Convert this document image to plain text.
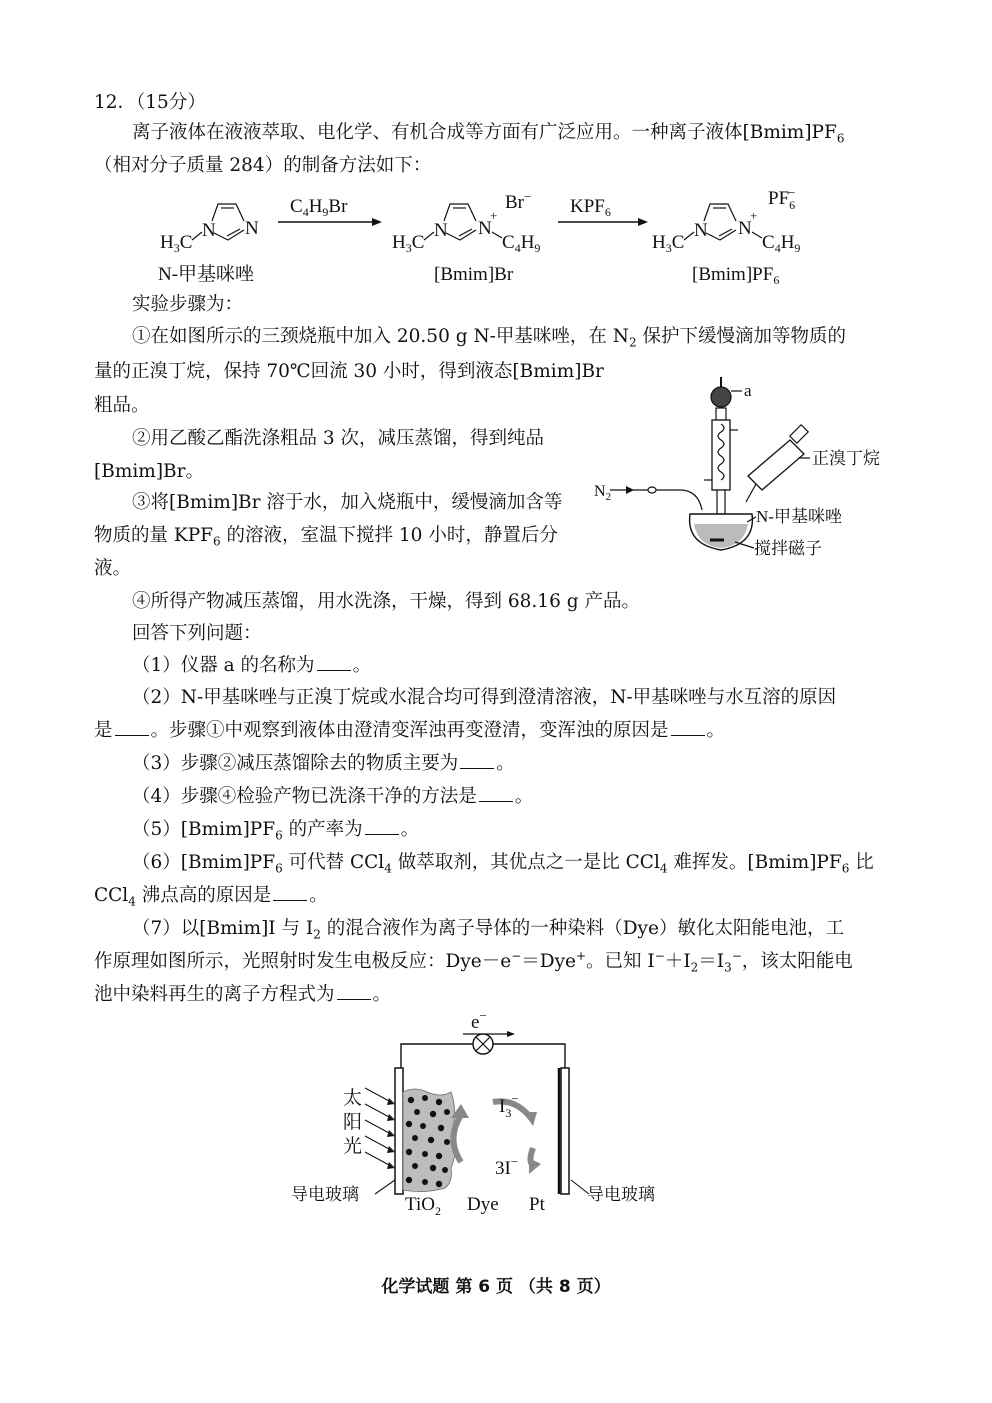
12．（15分）
离子液体在液液萃取、电化学、有机合成等方面有广泛应用。一种离子液体$[Bmim]PF_6$
（相对分子质量 284）的制备方法如下：
$H_3C$
N N
N-甲基咪唑
$C_4H_9Br$
$H_3C$
N N
+
$C_4H_9$
Br−
[Bmim]Br
$KPF_6$
$H_3C$
N N
+
$C_4H_9$
$PF_6-$
$[Bmim]PF_6$
实验步骤为：
①在如图所示的三颈烧瓶中加入 20.50 g N-甲基咪唑，在 $N_2$ 保护下缓慢滴加等物质的
量的正溴丁烷，保持 70℃回流 30 小时，得到液态[Bmim]Br
粗品。
②用乙酸乙酯洗涤粗品 3 次，减压蒸馏，得到纯品
[Bmim]Br。
③将[Bmim]Br 溶于水，加入烧瓶中，缓慢滴加含等
物质的量 $KPF_6$ 的溶液，室温下搅拌 10 小时，静置后分
液。
④所得产物减压蒸馏，用水洗涤，干燥，得到 68.16 g 产品。
a
正溴丁烷
$N_2$
N-甲基咪唑
搅拌磁子
回答下列问题：
（1）仪器 a 的名称为 。
（2）N-甲基咪唑与正溴丁烷或水混合均可得到澄清溶液，N-甲基咪唑与水互溶的原因
是 。步骤①中观察到液体由澄清变浑浊再变澄清，变浑浊的原因是 。
（3）步骤②减压蒸馏除去的物质主要为 。
（4）步骤④检验产物已洗涤干净的方法是 。
$(5)[Bmim]PF_6$ 的产率为 。
$(6)[Bmim]PF_6$ 可代替 CCl$_4$ 做萃取剂，其优点之一是比 CCl$_4$ 难挥发。$[Bmim]PF_6$ 比
CCl$_4$ 沸点高的原因是 。
（7）以[Bmim]I 与 $I_2$ 的混合液作为离子导体的一种染料（Dye）敏化太阳能电池，工
作原理如图所示，光照射时发生电极反应：Dye－e−＝Dye+。已知 $I^-+I_2=I_3^-$，该太阳能电
池中染料再生的离子方程式为 。
e−
太
阳
光
$I_3^-$
3I−
导电玻璃 TiO$_2$ Dye Pt 导电玻璃
化学试题 第 6 页 （共 8 页）
